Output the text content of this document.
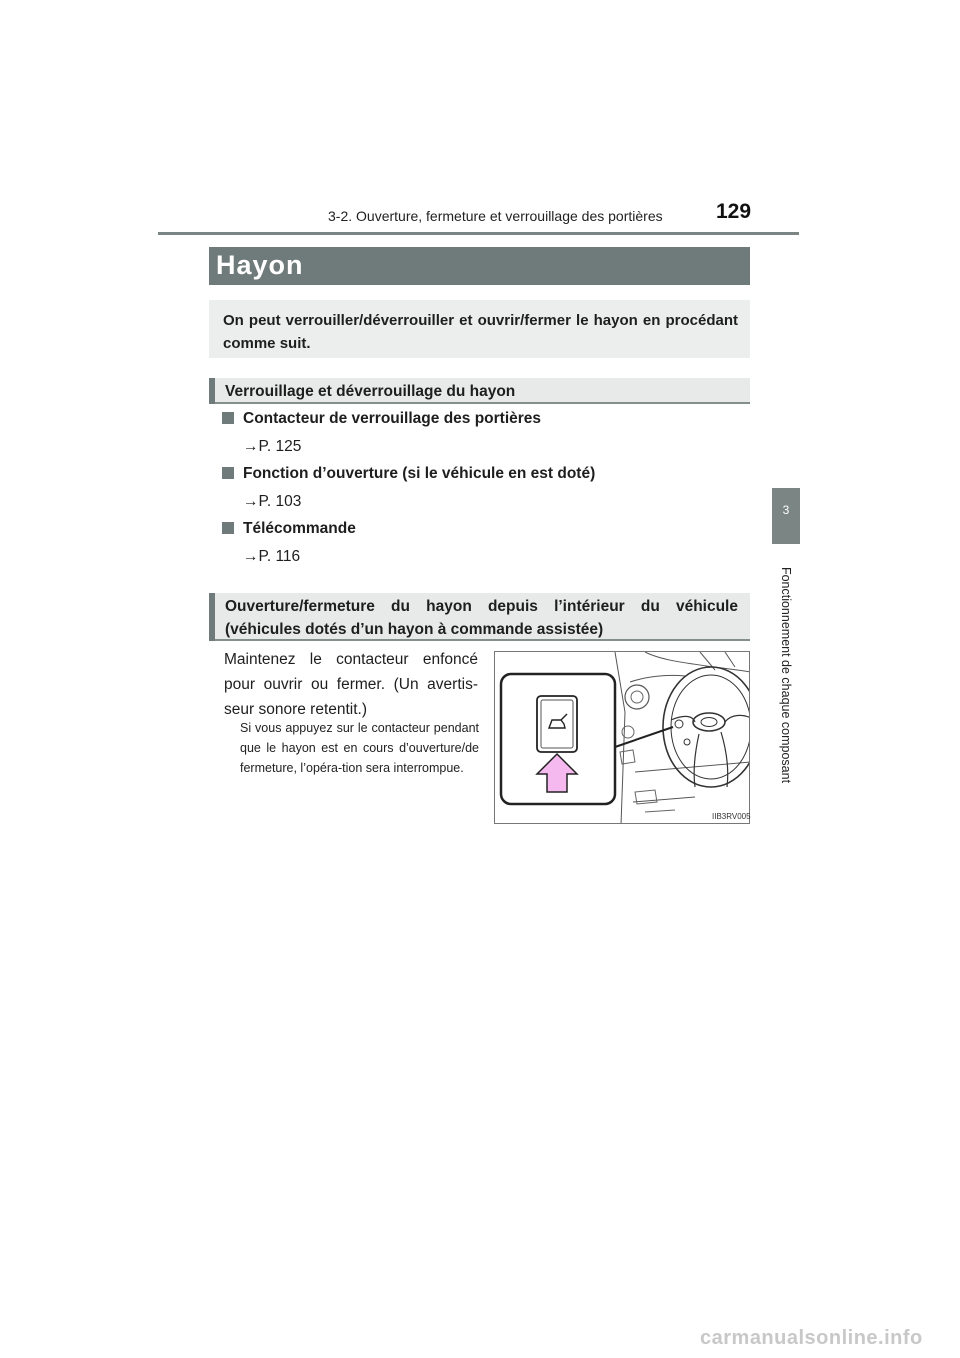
3-2. Ouverture, fermeture et verrouillage des portières	129
3
Fonctionnement de chaque composant
Hayon
On peut verrouiller/déverrouiller et ouvrir/fermer le hayon en procédant comme suit.
Verrouillage et déverrouillage du hayon
Contacteur de verrouillage des portières
→P. 125
Fonction d’ouverture (si le véhicule en est doté)
→P. 103
Télécommande
→P. 116
Ouverture/fermeture du hayon depuis l’intérieur du véhicule (véhicules dotés d’un hayon à commande assistée)
Maintenez le contacteur enfoncé pour ouvrir ou fermer. (Un avertis-seur sonore retentit.)
Si vous appuyez sur le contacteur pendant que le hayon est en cours d’ouverture/de fermeture, l’opéra-tion sera interrompue.
IIB3RV005
carmanualsonline.info
